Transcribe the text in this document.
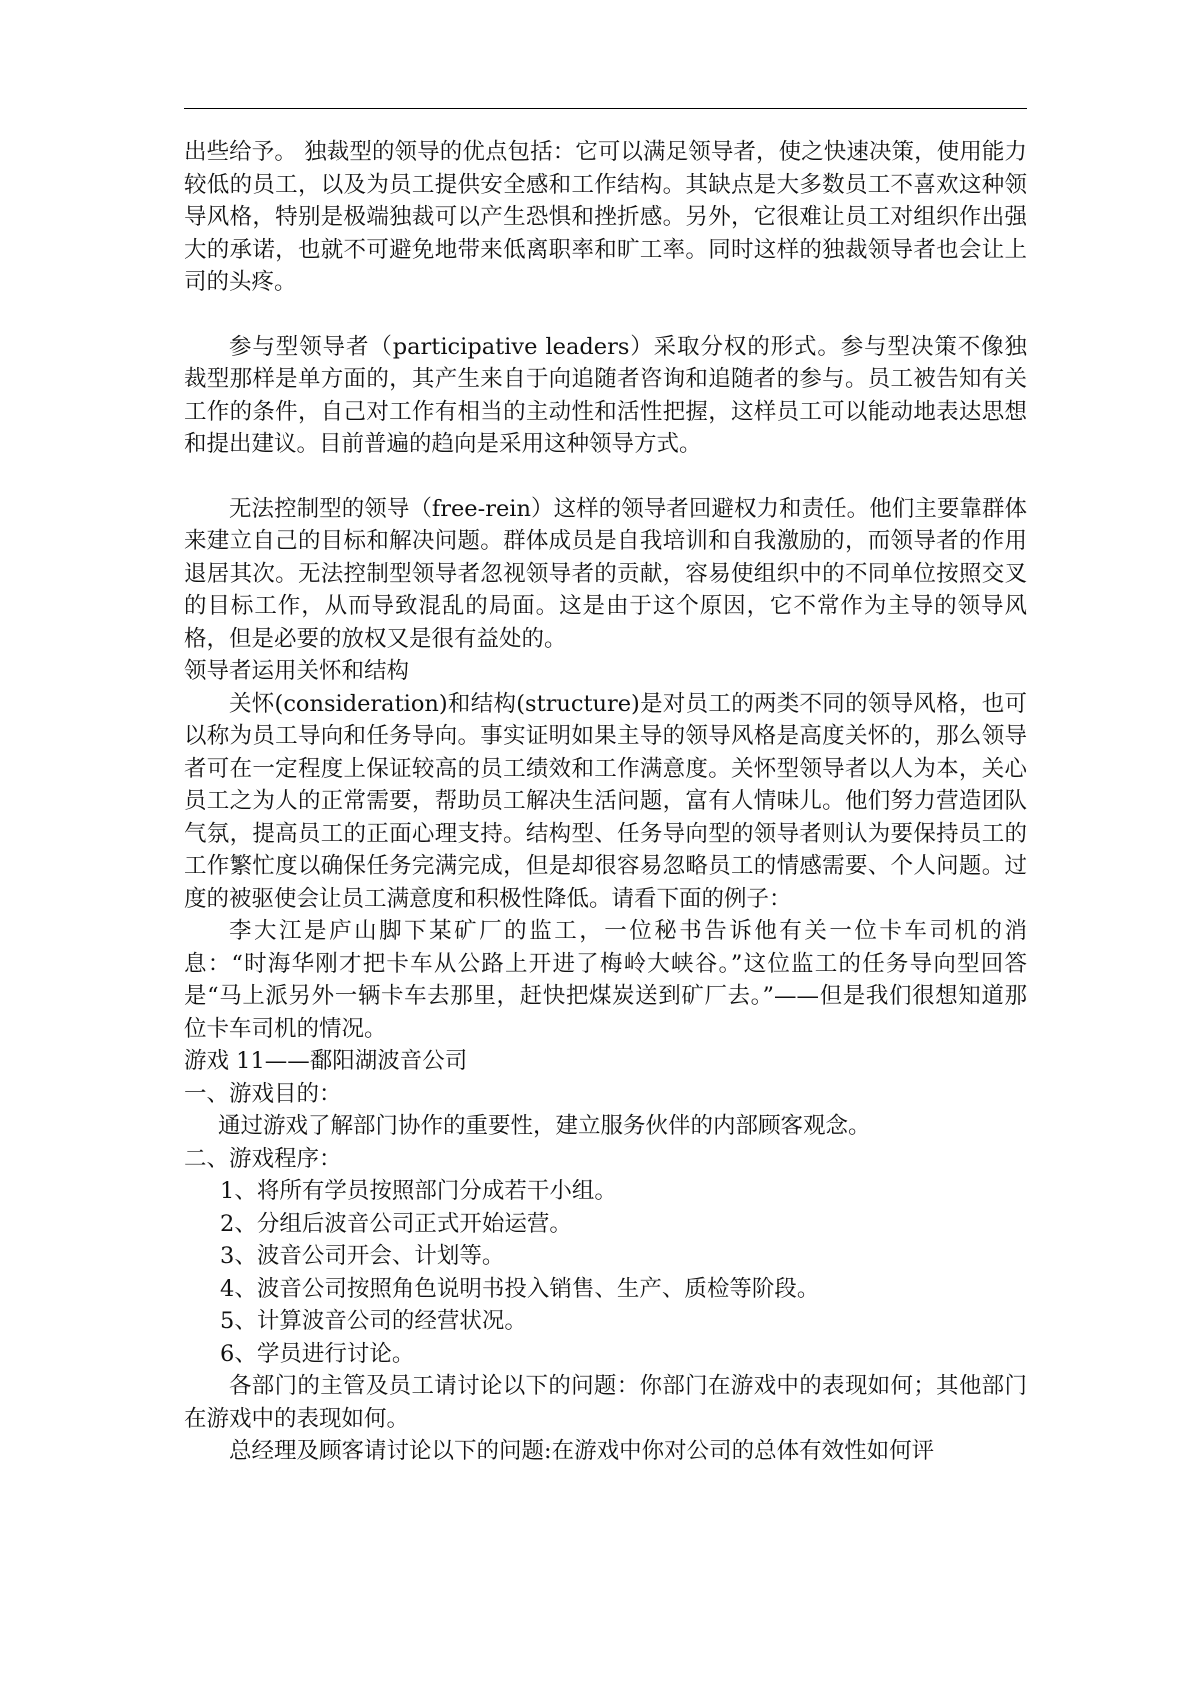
出些给予。 独裁型的领导的优点包括：它可以满足领导者，使之快速决策，使用能力较低的员工，以及为员工提供安全感和工作结构。其缺点是大多数员工不喜欢这种领导风格，特别是极端独裁可以产生恐惧和挫折感。另外，它很难让员工对组织作出强大的承诺，也就不可避免地带来低离职率和旷工率。同时这样的独裁领导者也会让上司的头疼。

参与型领导者（participative leaders）采取分权的形式。参与型决策不像独裁型那样是单方面的，其产生来自于向追随者咨询和追随者的参与。员工被告知有关工作的条件，自己对工作有相当的主动性和活性把握，这样员工可以能动地表达思想和提出建议。目前普遍的趋向是采用这种领导方式。

无法控制型的领导（free-rein）这样的领导者回避权力和责任。他们主要靠群体来建立自己的目标和解决问题。群体成员是自我培训和自我激励的，而领导者的作用退居其次。无法控制型领导者忽视领导者的贡献，容易使组织中的不同单位按照交叉的目标工作，从而导致混乱的局面。这是由于这个原因，它不常作为主导的领导风格，但是必要的放权又是很有益处的。

领导者运用关怀和结构

关怀(consideration)和结构(structure)是对员工的两类不同的领导风格，也可以称为员工导向和任务导向。事实证明如果主导的领导风格是高度关怀的，那么领导者可在一定程度上保证较高的员工绩效和工作满意度。关怀型领导者以人为本，关心员工之为人的正常需要，帮助员工解决生活问题，富有人情味儿。他们努力营造团队气氛，提高员工的正面心理支持。结构型、任务导向型的领导者则认为要保持员工的工作繁忙度以确保任务完满完成，但是却很容易忽略员工的情感需要、个人问题。过度的被驱使会让员工满意度和积极性降低。请看下面的例子：

李大江是庐山脚下某矿厂的监工，一位秘书告诉他有关一位卡车司机的消息：“时海华刚才把卡车从公路上开进了梅岭大峡谷。”这位监工的任务导向型回答是“马上派另外一辆卡车去那里，赶快把煤炭送到矿厂去。”——但是我们很想知道那位卡车司机的情况。

游戏 11——鄱阳湖波音公司

一、游戏目的：

通过游戏了解部门协作的重要性，建立服务伙伴的内部顾客观念。

二、游戏程序：

1、将所有学员按照部门分成若干小组。

2、分组后波音公司正式开始运营。

3、波音公司开会、计划等。

4、波音公司按照角色说明书投入销售、生产、质检等阶段。

5、计算波音公司的经营状况。

6、学员进行讨论。

各部门的主管及员工请讨论以下的问题：你部门在游戏中的表现如何；其他部门在游戏中的表现如何。

总经理及顾客请讨论以下的问题:在游戏中你对公司的总体有效性如何评
